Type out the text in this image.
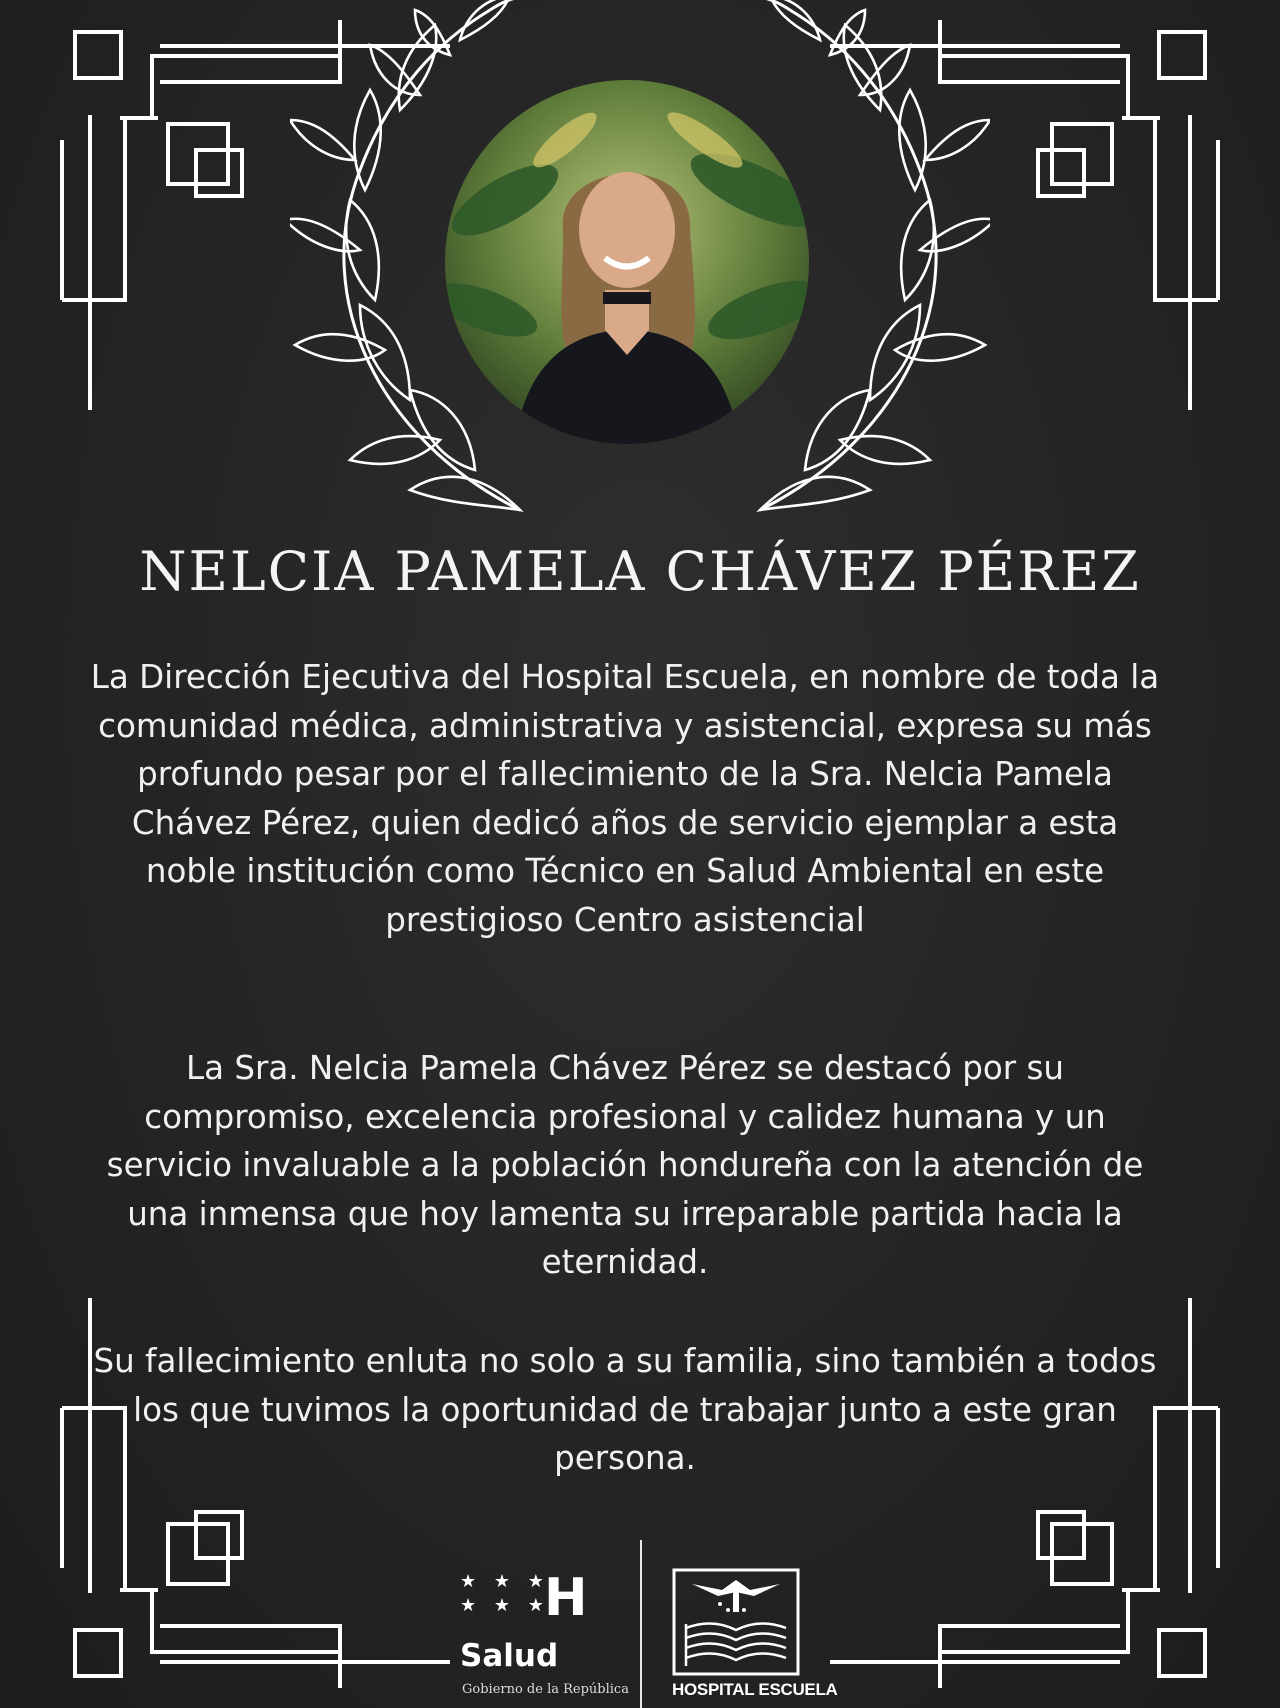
NELCIA PAMELA CHÁVEZ PÉREZ
La Dirección Ejecutiva del Hospital Escuela, en nombre de toda la comunidad médica, administrativa y asistencial, expresa su más profundo pesar por el fallecimiento de la Sra. Nelcia Pamela Chávez Pérez, quien dedicó años de servicio ejemplar a esta noble institución como Técnico en Salud Ambiental en este prestigioso Centro asistencial
La Sra. Nelcia Pamela Chávez Pérez se destacó por su compromiso, excelencia profesional y calidez humana y un servicio invaluable a la población hondureña con la atención de una inmensa que hoy lamenta su irreparable partida hacia la eternidad.
Su fallecimiento enluta no solo a su familia, sino también a todos los que tuvimos la oportunidad de trabajar junto a este gran persona.
★ ★ ★
★ ★ ★
H
Salud
Gobierno de la República	HOSPITAL ESCUELA
